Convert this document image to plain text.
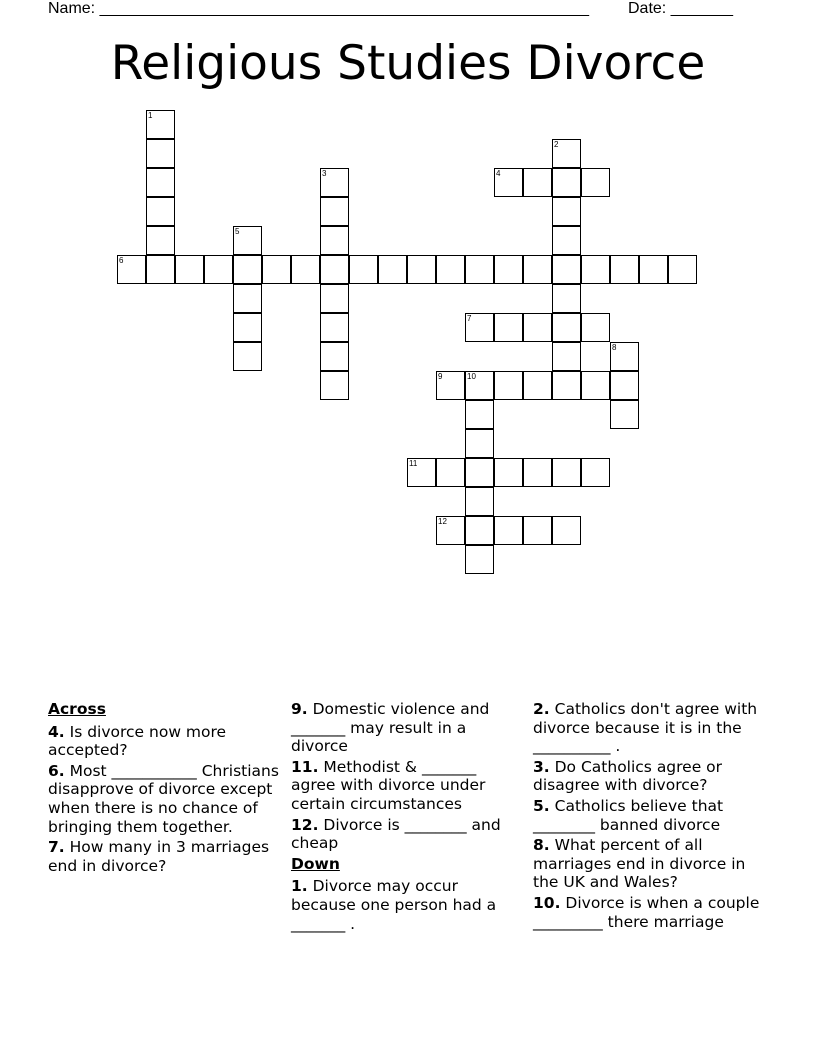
Name: _______________________________________________________ Date: _______
Religious Studies Divorce
1
6
5
3
2
4
7
8
9	10
11
12
Across
4. Is divorce now more accepted?
6. Most ___________ Christians disapprove of divorce except when there is no chance of bringing them together.
7. How many in 3 marriages end in divorce?
9. Domestic violence and _______ may result in a divorce
11. Methodist & _______ agree with divorce under certain circumstances
12. Divorce is ________ and cheap
Down
1. Divorce may occur because one person had a _______ .
2. Catholics don't agree with divorce because it is in the __________ .
3. Do Catholics agree or disagree with divorce?
5. Catholics believe that ________ banned divorce
8. What percent of all marriages end in divorce in the UK and Wales?
10. Divorce is when a couple _________ there marriage
